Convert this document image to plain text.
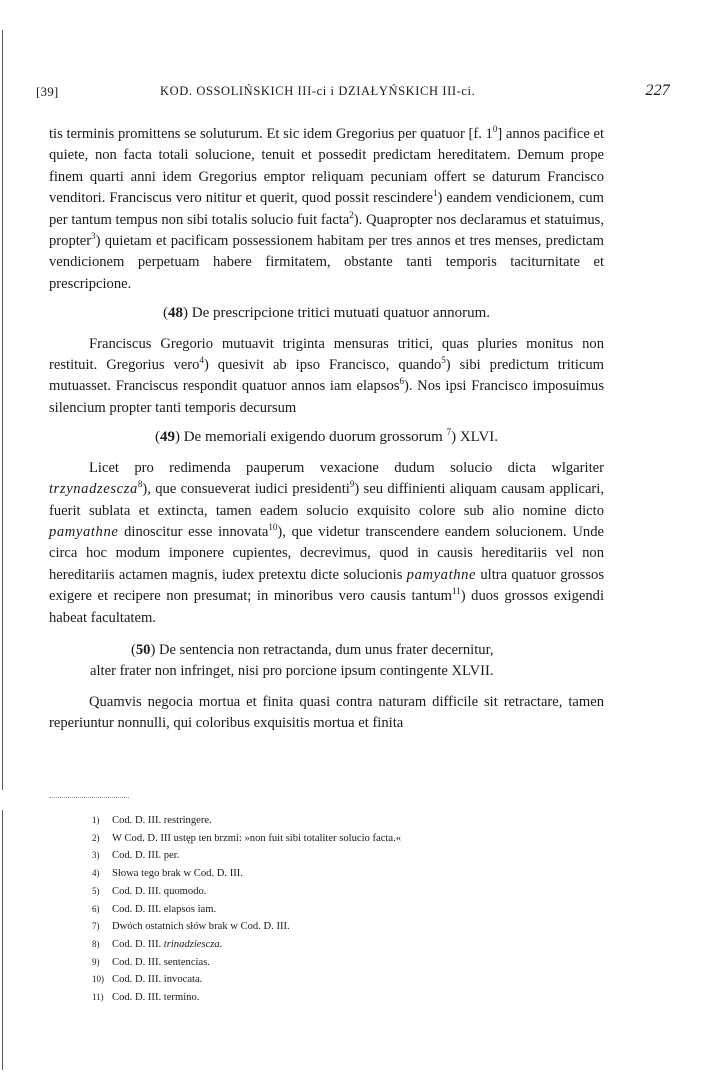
[39]	KOD. OSSOLIŃSKICH III-ci i DZIAŁYŃSKICH III-ci.	227

tis terminis promittens se soluturum. Et sic idem Gregorius per quatuor [f. $1^0$] annos pacifice et quiete, non facta totali solucione, tenuit et possedit predictam hereditatem. Demum prope finem quarti anni idem Gregorius emptor reliquam pecuniam offert se daturum Francisco venditori. Franciscus vero nititur et querit, quod possit rescindere$^1$) eandem vendicionem, cum per tantum tempus non sibi totalis solucio fuit facta$^2$). Quapropter nos declaramus et statuimus, propter$^3$) quietam et pacificam possessionem habitam per tres annos et tres menses, predictam vendicionem perpetuam habere firmitatem, obstante tanti temporis taciturnitate et prescripcione.

(48) De prescripcione tritici mutuati quatuor annorum.

Franciscus Gregorio mutuavit triginta mensuras tritici, quas pluries monitus non restituit. Gregorius vero$^4$) quesivit ab ipso Francisco, quando$^5$) sibi predictum triticum mutuasset. Franciscus respondit quatuor annos iam elapsos$^6$). Nos ipsi Francisco imposuimus silencium propter tanti temporis decursum

(49) De memoriali exigendo duorum grossorum $^7$) XLVI.

Licet pro redimenda pauperum vexacione dudum solucio dicta wlgariter trzynadzescza$^8$), que consueverat iudici presidenti$^9$) seu diffinienti aliquam causam applicari, fuerit sublata et extincta, tamen eadem solucio exquisito colore sub alio nomine dicto pamyathne dinoscitur esse innovata$^{10}$), que videtur transcendere eandem solucionem. Unde circa hoc modum imponere cupientes, decrevimus, quod in causis hereditariis vel non hereditariis actamen magnis, iudex pretextu dicte solucionis pamyathne ultra quatuor grossos exigere et recipere non presumat; in minoribus vero causis tantum$^{11}$) duos grossos exigendi habeat facultatem.

(50) De sentencia non retractanda, dum unus frater decernitur,
alter frater non infringet, nisi pro porcione ipsum contingente XLVII.

Quamvis negocia mortua et finita quasi contra naturam difficile sit retractare, tamen reperiuntur nonnulli, qui coloribus exquisitis mortua et finita

1) Cod. D. III. restringere.
2) W Cod. D. III ustęp ten brzmi: »non fuit sibi totaliter solucio facta.«
3) Cod. D. III. per.
4) Słowa tego brak w Cod. D. III.
5) Cod. D. III. quomodo.
6) Cod. D. III. elapsos iam.
7) Dwóch ostatnich słów brak w Cod. D. III.
8) Cod. D. III. trinadziescza.
9) Cod. D. III. sentencias.
10) Cod. D. III. invocata.
11) Cod. D. III. termino.
